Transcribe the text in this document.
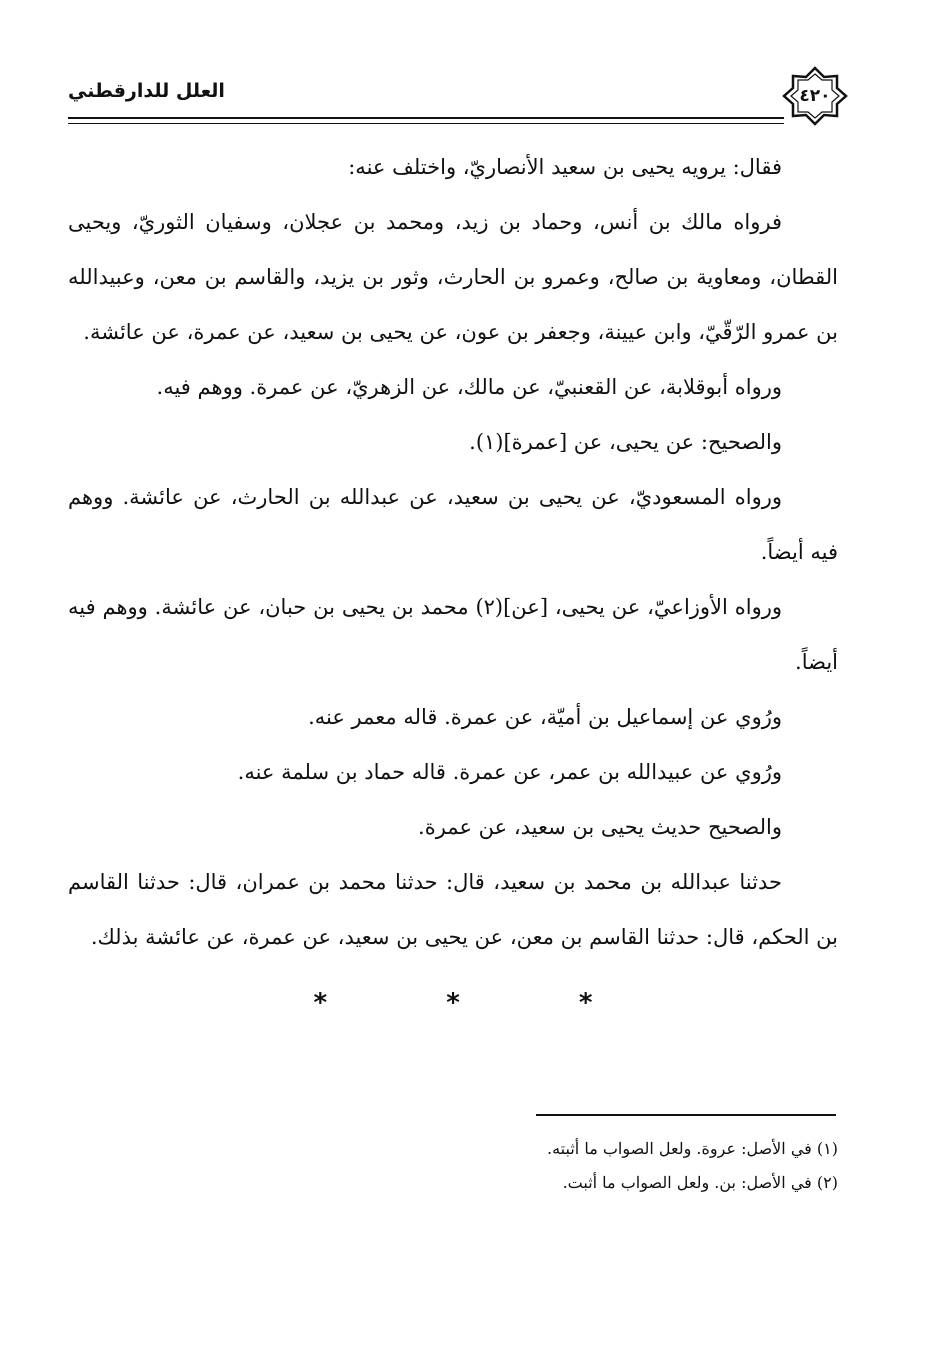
العلل للدارقطني	٤٢٠

فقال: يرويه يحيى بن سعيد الأنصاريّ، واختلف عنه:

فرواه مالك بن أنس، وحماد بن زيد، ومحمد بن عجلان، وسفيان الثوريّ، ويحيى القطان، ومعاوية بن صالح، وعمرو بن الحارث، وثور بن يزيد، والقاسم بن معن، وعبيدالله بن عمرو الرّقّيّ، وابن عيينة، وجعفر بن عون، عن يحيى بن سعيد، عن عمرة، عن عائشة.

ورواه أبوقلابة، عن القعنبيّ، عن مالك، عن الزهريّ، عن عمرة. ووهم فيه.

والصحيح: عن يحيى، عن [عمرة](١).

ورواه المسعوديّ، عن يحيى بن سعيد، عن عبدالله بن الحارث، عن عائشة. ووهم فيه أيضاً.

ورواه الأوزاعيّ، عن يحيى، [عن](٢) محمد بن يحيى بن حبان، عن عائشة. ووهم فيه أيضاً.

ورُوي عن إسماعيل بن أميّة، عن عمرة. قاله معمر عنه.

ورُوي عن عبيدالله بن عمر، عن عمرة. قاله حماد بن سلمة عنه.

والصحيح حديث يحيى بن سعيد، عن عمرة.

حدثنا عبدالله بن محمد بن سعيد، قال: حدثنا محمد بن عمران، قال: حدثنا القاسم بن الحكم، قال: حدثنا القاسم بن معن، عن يحيى بن سعيد، عن عمرة، عن عائشة بذلك.

* * *

(١) في الأصل: عروة. ولعل الصواب ما أثبته.

(٢) في الأصل: بن. ولعل الصواب ما أثبت.
